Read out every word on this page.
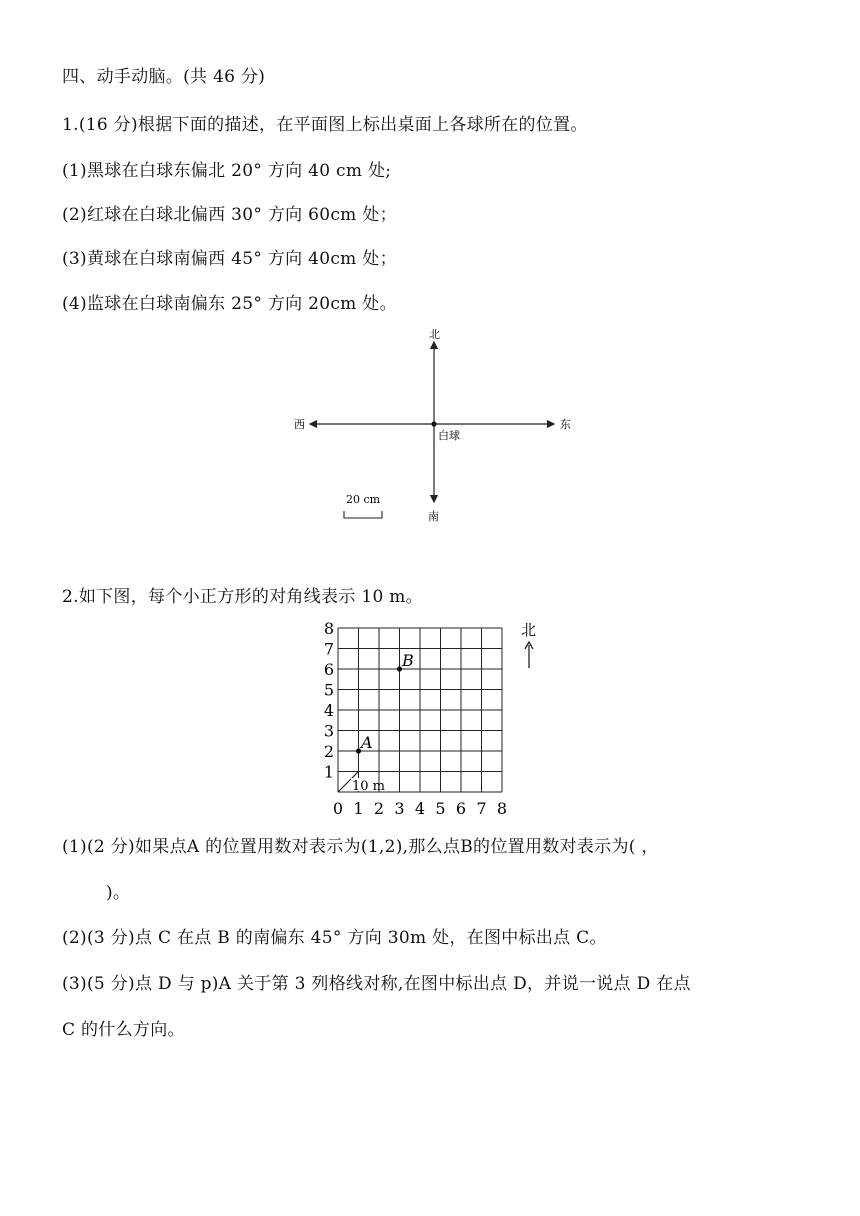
四、动手动脑。(共 46 分)
1.(16 分)根据下面的描述，在平面图上标出桌面上各球所在的位置。
(1)黑球在白球东偏北 20° 方向 40 cm 处;
(2)红球在白球北偏西 30° 方向 60cm 处；
(3)黄球在白球南偏西 45° 方向 40cm 处；
(4)监球在白球南偏东 25° 方向 20cm 处。
北
南
东
西
白球
20 cm
2.如下图，每个小正方形的对角线表示 10 m。
10 m
8
7
6
5
4
3
2
1
0 1 2 3 4 5 6 7 8
A
B
北
(1)(2 分)如果点A 的位置用数对表示为(1,2),那么点B的位置用数对表示为( ，
)。
(2)(3 分)点 C 在点 B 的南偏东 45° 方向 30m 处，在图中标出点 C。
(3)(5 分)点 D 与 p)A 关于第 3 列格线对称,在图中标出点 D，并说一说点 D 在点
C 的什么方向。
